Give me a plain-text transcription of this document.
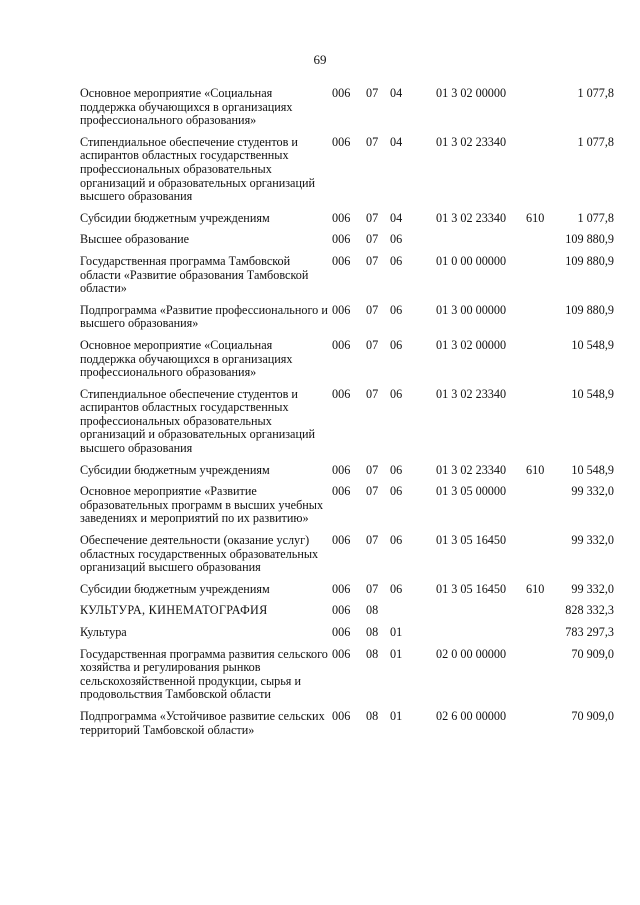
69
Основное мероприятие «Социальная поддержка обучающихся в организациях профессионального образования»	006	07	04	01 3 02 00000		1 077,8
Стипендиальное обеспечение студентов и аспирантов областных государственных профессиональных образовательных организаций и образовательных организаций высшего образования	006	07	04	01 3 02 23340		1 077,8
Субсидии бюджетным учреждениям	006	07	04	01 3 02 23340	610	1 077,8
Высшее образование	006	07	06			109 880,9
Государственная программа Тамбовской области «Развитие образования Тамбовской области»	006	07	06	01 0 00 00000		109 880,9
Подпрограмма «Развитие профессионального и высшего образования»	006	07	06	01 3 00 00000		109 880,9
Основное мероприятие «Социальная поддержка обучающихся в организациях профессионального образования»	006	07	06	01 3 02 00000		10 548,9
Стипендиальное обеспечение студентов и аспирантов областных государственных профессиональных образовательных организаций и образовательных организаций высшего образования	006	07	06	01 3 02 23340		10 548,9
Субсидии бюджетным учреждениям	006	07	06	01 3 02 23340	610	10 548,9
Основное мероприятие «Развитие образовательных программ в высших учебных заведениях и мероприятий по их развитию»	006	07	06	01 3 05 00000		99 332,0
Обеспечение деятельности (оказание услуг) областных государственных образовательных организаций высшего образования	006	07	06	01 3 05 16450		99 332,0
Субсидии бюджетным учреждениям	006	07	06	01 3 05 16450	610	99 332,0
КУЛЬТУРА, КИНЕМАТОГРАФИЯ	006	08				828 332,3
Культура	006	08	01			783 297,3
Государственная программа развития сельского хозяйства и регулирования рынков сельскохозяйственной продукции, сырья и продовольствия Тамбовской области	006	08	01	02 0 00 00000		70 909,0
Подпрограмма «Устойчивое развитие сельских территорий Тамбовской области»	006	08	01	02 6 00 00000		70 909,0
